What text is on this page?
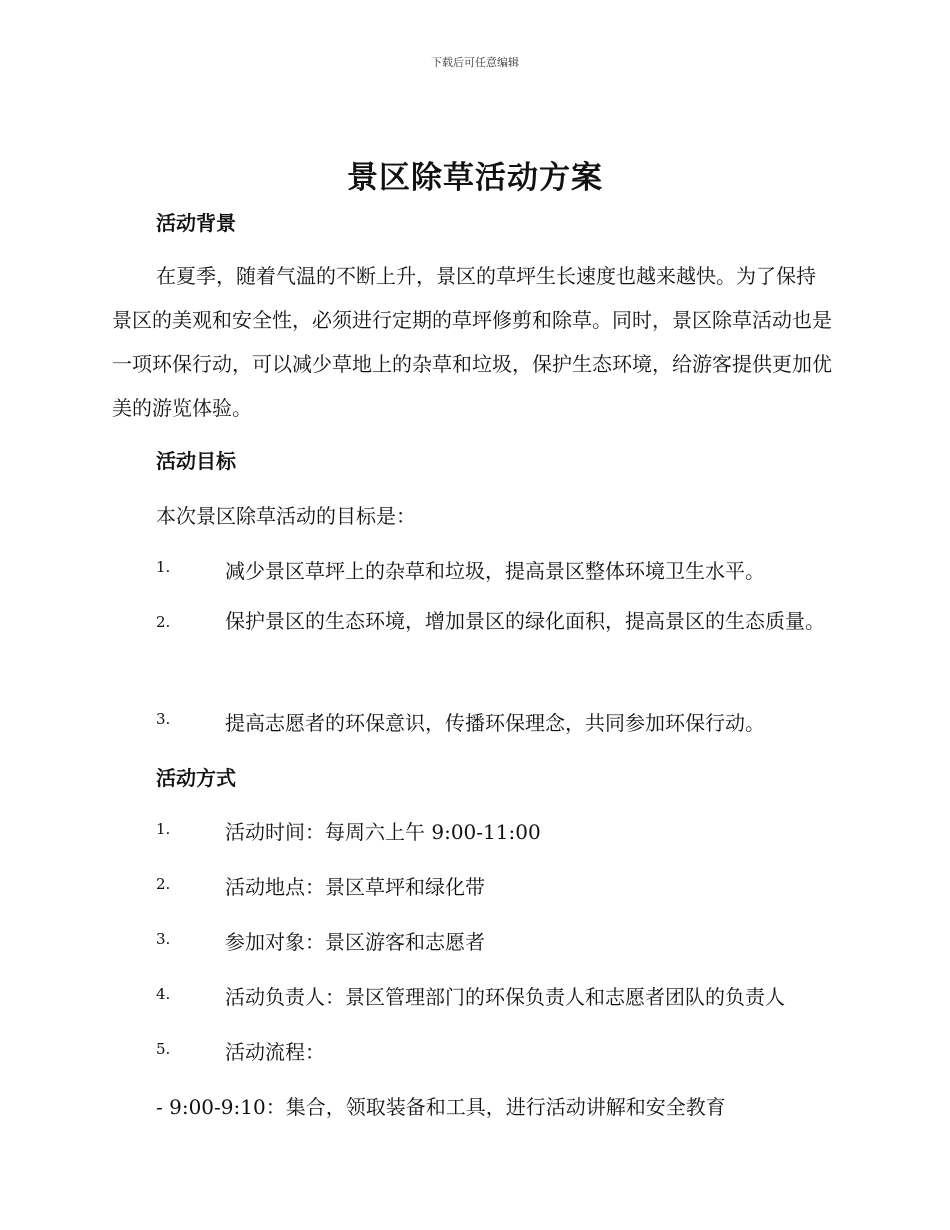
下载后可任意编辑
景区除草活动方案
活动背景
在夏季，随着气温的不断上升，景区的草坪生长速度也越来越快。为了保持景区的美观和安全性，必须进行定期的草坪修剪和除草。同时，景区除草活动也是一项环保行动，可以减少草地上的杂草和垃圾，保护生态环境，给游客提供更加优美的游览体验。
活动目标
本次景区除草活动的目标是：
1.	减少景区草坪上的杂草和垃圾，提高景区整体环境卫生水平。
2.	保护景区的生态环境，增加景区的绿化面积，提高景区的生态质量。
3.	提高志愿者的环保意识，传播环保理念，共同参加环保行动。
活动方式
1.	活动时间：每周六上午 9:00-11:00
2.	活动地点：景区草坪和绿化带
3.	参加对象：景区游客和志愿者
4.	活动负责人：景区管理部门的环保负责人和志愿者团队的负责人
5.	活动流程：
- 9:00-9:10：集合，领取装备和工具，进行活动讲解和安全教育
